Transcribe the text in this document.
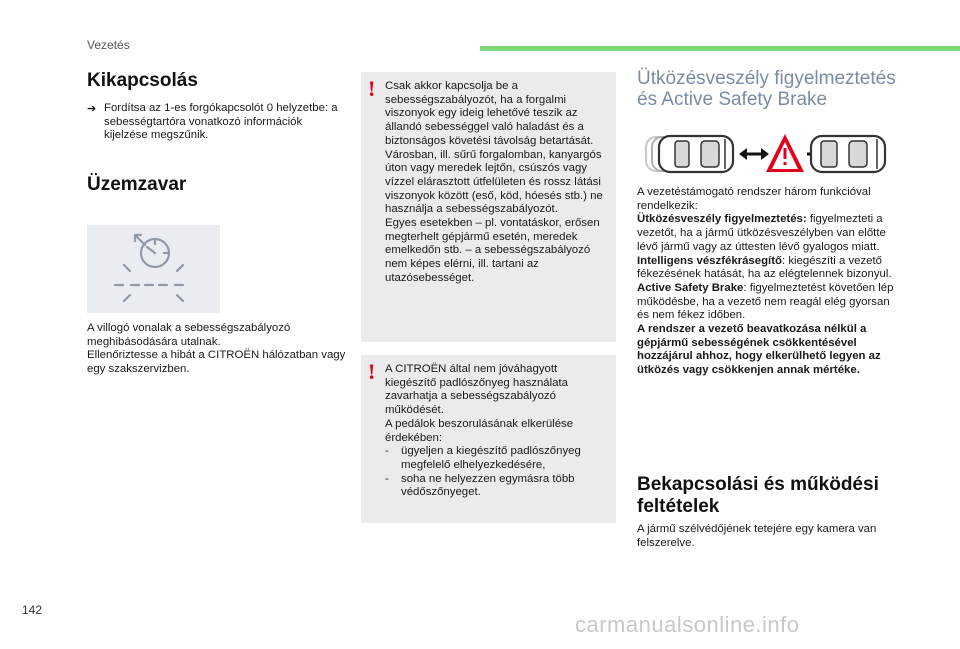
Vezetés
Kikapcsolás
➔ Fordítsa az 1-es forgókapcsolót 0 helyzetbe: a sebességtartóra vonatkozó információk kijelzése megszűnik.

Üzemzavar

A villogó vonalak a sebességszabályozó meghibásodására utalnak.

Ellenőriztesse a hibát a CITROËN hálózatban vagy egy szakszervizben.

! Csak akkor kapcsolja be a sebességszabályozót, ha a forgalmi viszonyok egy ideig lehetővé teszik az állandó sebességgel való haladást és a biztonságos követési távolság betartását.

Városban, ill. sűrű forgalomban, kanyargós úton vagy meredek lejtőn, csúszós vagy vízzel elárasztott útfelületen és rossz látási viszonyok között (eső, köd, hóesés stb.) ne használja a sebességszabályozót.

Egyes esetekben – pl. vontatáskor, erősen megterhelt gépjármű esetén, meredek emelkedőn stb. – a sebességszabályozó nem képes elérni, ill. tartani az utazósebességet.

! A CITROËN által nem jóváhagyott kiegészítő padlószőnyeg használata zavarhatja a sebességszabályozó működését.

A pedálok beszorulásának elkerülése érdekében:

- ügyeljen a kiegészítő padlószőnyeg megfelelő elhelyezkedésére,
- soha ne helyezzen egymásra több védőszőnyeget.
Ütközésveszély figyelmeztetés
és Active Safety Brake

A vezetéstámogató rendszer három funkcióval rendelkezik:

Ütközésveszély figyelmeztetés: figyelmezteti a vezetőt, ha a jármű ütközésveszélyben van előtte lévő jármű vagy az úttesten lévő gyalogos miatt.

Intelligens vészfékrásegítő: kiegészíti a vezető fékezésének hatását, ha az elégtelennek bizonyul.

Active Safety Brake: figyelmeztetést követően lép működésbe, ha a vezető nem reagál elég gyorsan és nem fékez időben.

A rendszer a vezető beavatkozása nélkül a gépjármű sebességének csökkentésével hozzájárul ahhoz, hogy elkerülhető legyen az ütközés vagy csökkenjen annak mértéke.

Bekapcsolási és működési
feltételek

A jármű szélvédőjének tetejére egy kamera van felszerelve.

142
carmanualsonline.info
